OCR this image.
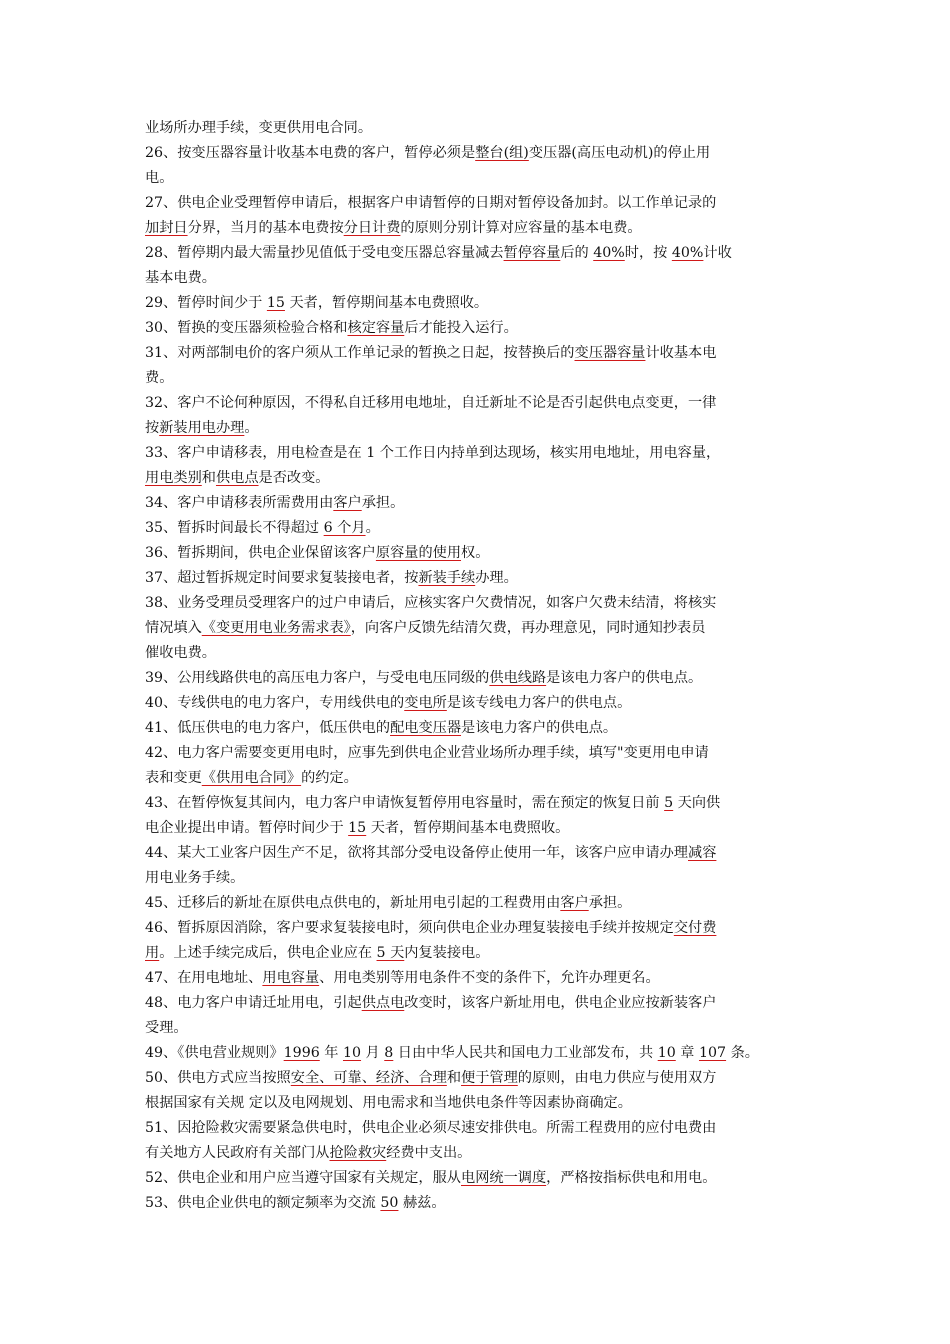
业场所办理手续，变更供用电合同。
26、按变压器容量计收基本电费的客户，暂停必须是整台(组)变压器(高压电动机)的停止用
电。
27、供电企业受理暂停申请后，根据客户申请暂停的日期对暂停设备加封。以工作单记录的
加封日分界，当月的基本电费按分日计费的原则分别计算对应容量的基本电费。
28、暂停期内最大需量抄见值低于受电变压器总容量减去暂停容量后的 40%时，按 40%计收
基本电费。
29、暂停时间少于 15 天者，暂停期间基本电费照收。
30、暂换的变压器须检验合格和核定容量后才能投入运行。
31、对两部制电价的客户须从工作单记录的暂换之日起，按替换后的变压器容量计收基本电
费。
32、客户不论何种原因，不得私自迁移用电地址，自迁新址不论是否引起供电点变更，一律
按新装用电办理。
33、客户申请移表，用电检查是在 1 个工作日内持单到达现场，核实用电地址，用电容量，
用电类别和供电点是否改变。
34、客户申请移表所需费用由客户承担。
35、暂拆时间最长不得超过 6 个月。
36、暂拆期间，供电企业保留该客户原容量的使用权。
37、超过暂拆规定时间要求复装接电者，按新装手续办理。
38、业务受理员受理客户的过户申请后，应核实客户欠费情况，如客户欠费未结清，将核实
情况填入《变更用电业务需求表》，向客户反馈先结清欠费，再办理意见，同时通知抄表员
催收电费。
39、公用线路供电的高压电力客户，与受电电压同级的供电线路是该电力客户的供电点。
40、专线供电的电力客户，专用线供电的变电所是该专线电力客户的供电点。
41、低压供电的电力客户，低压供电的配电变压器是该电力客户的供电点。
42、电力客户需要变更用电时，应事先到供电企业营业场所办理手续，填写"变更用电申请
表和变更《供用电合同》的约定。
43、在暂停恢复其间内，电力客户申请恢复暂停用电容量时，需在预定的恢复日前 5 天向供
电企业提出申请。暂停时间少于 15 天者，暂停期间基本电费照收。
44、某大工业客户因生产不足，欲将其部分受电设备停止使用一年，该客户应申请办理减容
用电业务手续。
45、迁移后的新址在原供电点供电的，新址用电引起的工程费用由客户承担。
46、暂拆原因消除，客户要求复装接电时，须向供电企业办理复装接电手续并按规定交付费
用。上述手续完成后，供电企业应在 5 天内复装接电。
47、在用电地址、用电容量、用电类别等用电条件不变的条件下，允许办理更名。
48、电力客户申请迁址用电，引起供点电改变时，该客户新址用电，供电企业应按新装客户
受理。
49、《供电营业规则》1996 年 10 月 8 日由中华人民共和国电力工业部发布，共 10 章 107 条。
50、供电方式应当按照安全、可靠、经济、合理和便于管理的原则，由电力供应与使用双方
根据国家有关规 定以及电网规划、用电需求和当地供电条件等因素协商确定。
51、因抢险救灾需要紧急供电时，供电企业必须尽速安排供电。所需工程费用的应付电费由
有关地方人民政府有关部门从抢险救灾经费中支出。
52、供电企业和用户应当遵守国家有关规定，服从电网统一调度，严格按指标供电和用电。
53、供电企业供电的额定频率为交流 50 赫兹。
